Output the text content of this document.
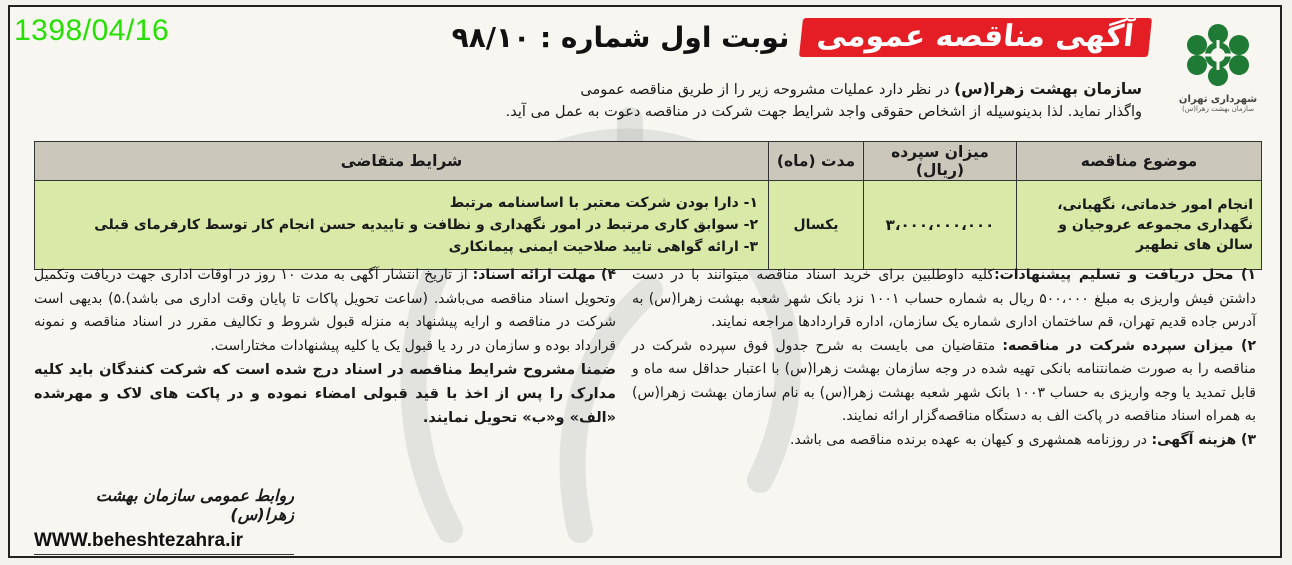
1398/04/16
شهرداری تهران
سازمان بهشت زهرا(س)
آگهی مناقصه عمومی
نوبت اول شماره : ۹۸/۱۰
سازمان بهشت زهرا(س) در نظر دارد عملیات مشروحه زیر را از طریق مناقصه عمومی
واگذار نماید. لذا بدینوسیله از اشخاص حقوقی واجد شرایط جهت شرکت در مناقصه دعوت به عمل می آید.
موضوع مناقصه	میزان سپرده (ریال)	مدت (ماه)	شرایط متقاضی
انجام امور خدماتی، نگهبانی، نگهداری مجموعه عروجیان و سالن های تطهیر	۳،۰۰۰،۰۰۰،۰۰۰	یکسال	۱- دارا بودن شرکت معتبر با اساسنامه مرتبط
۲- سوابق کاری مرتبط در امور نگهداری و نظافت و تاییدیه حسن انجام کار توسط کارفرمای قبلی
۳- ارائه گواهی تایید صلاحیت ایمنی پیمانکاری

۱) محل دریافت و تسلیم پیشنهادات:کلیه داوطلبین برای خرید اسناد مناقصه میتوانند با در دست داشتن فیش واریزی به مبلغ ۵۰۰،۰۰۰ ریال به شماره حساب ۱۰۰۱ نزد بانک شهر شعبه بهشت زهرا(س) به آدرس جاده قدیم تهران، قم ساختمان اداری شماره یک سازمان، اداره قراردادها مراجعه نمایند.

۲) میزان سپرده شرکت در مناقصه: متقاضیان می بایست به شرح جدول فوق سپرده شرکت در مناقصه را به صورت ضمانتنامه بانکی تهیه شده در وجه سازمان بهشت زهرا(س) با اعتبار حداقل سه ماه و قابل تمدید یا وجه واریزی به حساب ۱۰۰۳ بانک شهر شعبه بهشت زهرا(س) به نام سازمان بهشت زهرا(س) به همراه اسناد مناقصه در پاکت الف به دستگاه مناقصه‌گزار ارائه نمایند.

۳) هزینه آگهی: در روزنامه همشهری و کیهان به عهده برنده مناقصه می باشد.

۴) مهلت ارائه اسناد: از تاریخ انتشار آگهی به مدت ۱۰ روز در اوقات اداری جهت دریافت وتکمیل وتحویل اسناد مناقصه می‌باشد. (ساعت تحویل پاکات تا پایان وقت اداری می باشد).۵) بدیهی است شرکت در مناقصه و ارایه پیشنهاد به منزله قبول شروط و تکالیف مقرر در اسناد مناقصه و نمونه قرارداد بوده و سازمان در رد یا قبول یک یا کلیه پیشنهادات مختاراست.

ضمنا مشروح شرایط مناقصه در اسناد درج شده است که شرکت کنندگان باید کلیه مدارک را پس از اخذ با قید قبولی امضاء نموده و در پاکت های لاک و مهرشده «الف» و«ب» تحویل نمایند.

روابط عمومی سازمان بهشت زهرا(س)
WWW.beheshtezahra.ir
